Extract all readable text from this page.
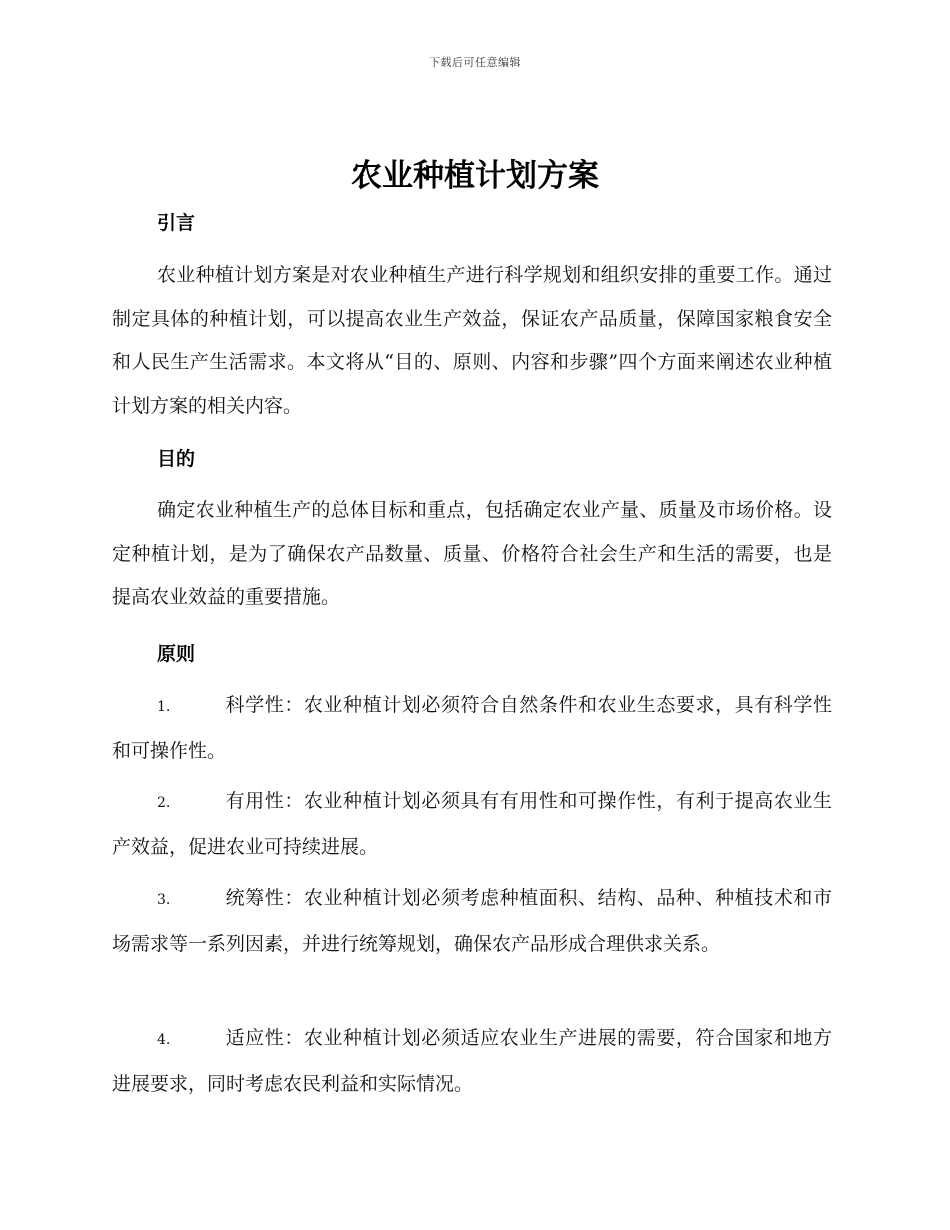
下载后可任意编辑
农业种植计划方案
引言

农业种植计划方案是对农业种植生产进行科学规划和组织安排的重要工作。通过制定具体的种植计划，可以提高农业生产效益，保证农产品质量，保障国家粮食安全和人民生产生活需求。本文将从“目的、原则、内容和步骤”四个方面来阐述农业种植计划方案的相关内容。

目的

确定农业种植生产的总体目标和重点，包括确定农业产量、质量及市场价格。设定种植计划，是为了确保农产品数量、质量、价格符合社会生产和生活的需要，也是提高农业效益的重要措施。

原则

1.	科学性：农业种植计划必须符合自然条件和农业生态要求，具有科学性和可操作性。

2.	有用性：农业种植计划必须具有有用性和可操作性，有利于提高农业生产效益，促进农业可持续进展。

3.	统筹性：农业种植计划必须考虑种植面积、结构、品种、种植技术和市场需求等一系列因素，并进行统筹规划，确保农产品形成合理供求关系。

4.	适应性：农业种植计划必须适应农业生产进展的需要，符合国家和地方进展要求，同时考虑农民利益和实际情况。
